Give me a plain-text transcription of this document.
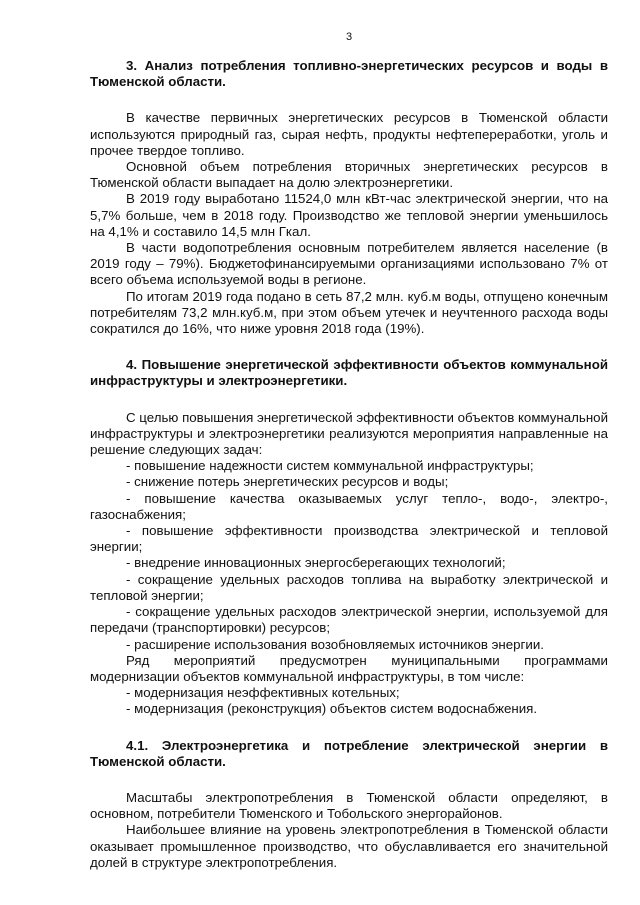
3

3. Анализ потребления топливно-энергетических ресурсов и воды в Тюменской области.

В качестве первичных энергетических ресурсов в Тюменской области используются природный газ, сырая нефть, продукты нефтепереработки, уголь и прочее твердое топливо.

Основной объем потребления вторичных энергетических ресурсов в Тюменской области выпадает на долю электроэнергетики.

В 2019 году выработано 11524,0 млн кВт-час электрической энергии, что на 5,7% больше, чем в 2018 году. Производство же тепловой энергии уменьшилось на 4,1% и составило 14,5 млн Гкал.

В части водопотребления основным потребителем является население (в 2019 году – 79%). Бюджетофинансируемыми организациями использовано 7% от всего объема используемой воды в регионе.

По итогам 2019 года подано в сеть 87,2 млн. куб.м воды, отпущено конечным потребителям 73,2 млн.куб.м, при этом объем утечек и неучтенного расхода воды сократился до 16%, что ниже уровня 2018 года (19%).

4. Повышение энергетической эффективности объектов коммунальной инфраструктуры и электроэнергетики.

С целью повышения энергетической эффективности объектов коммунальной инфраструктуры и электроэнергетики реализуются мероприятия направленные на решение следующих задач:

- повышение надежности систем коммунальной инфраструктуры;

- снижение потерь энергетических ресурсов и воды;

- повышение качества оказываемых услуг тепло-, водо-, электро-, газоснабжения;

- повышение эффективности производства электрической и тепловой энергии;

- внедрение инновационных энергосберегающих технологий;

- сокращение удельных расходов топлива на выработку электрической и тепловой энергии;

- сокращение удельных расходов электрической энергии, используемой для передачи (транспортировки) ресурсов;

- расширение использования возобновляемых источников энергии.

Ряд мероприятий предусмотрен муниципальными программами модернизации объектов коммунальной инфраструктуры, в том числе:

- модернизация неэффективных котельных;

- модернизация (реконструкция) объектов систем водоснабжения.

4.1. Электроэнергетика и потребление электрической энергии в Тюменской области.

Масштабы электропотребления в Тюменской области определяют, в основном, потребители Тюменского и Тобольского энергорайонов.

Наибольшее влияние на уровень электропотребления в Тюменской области оказывает промышленное производство, что обуславливается его значительной долей в структуре электропотребления.
